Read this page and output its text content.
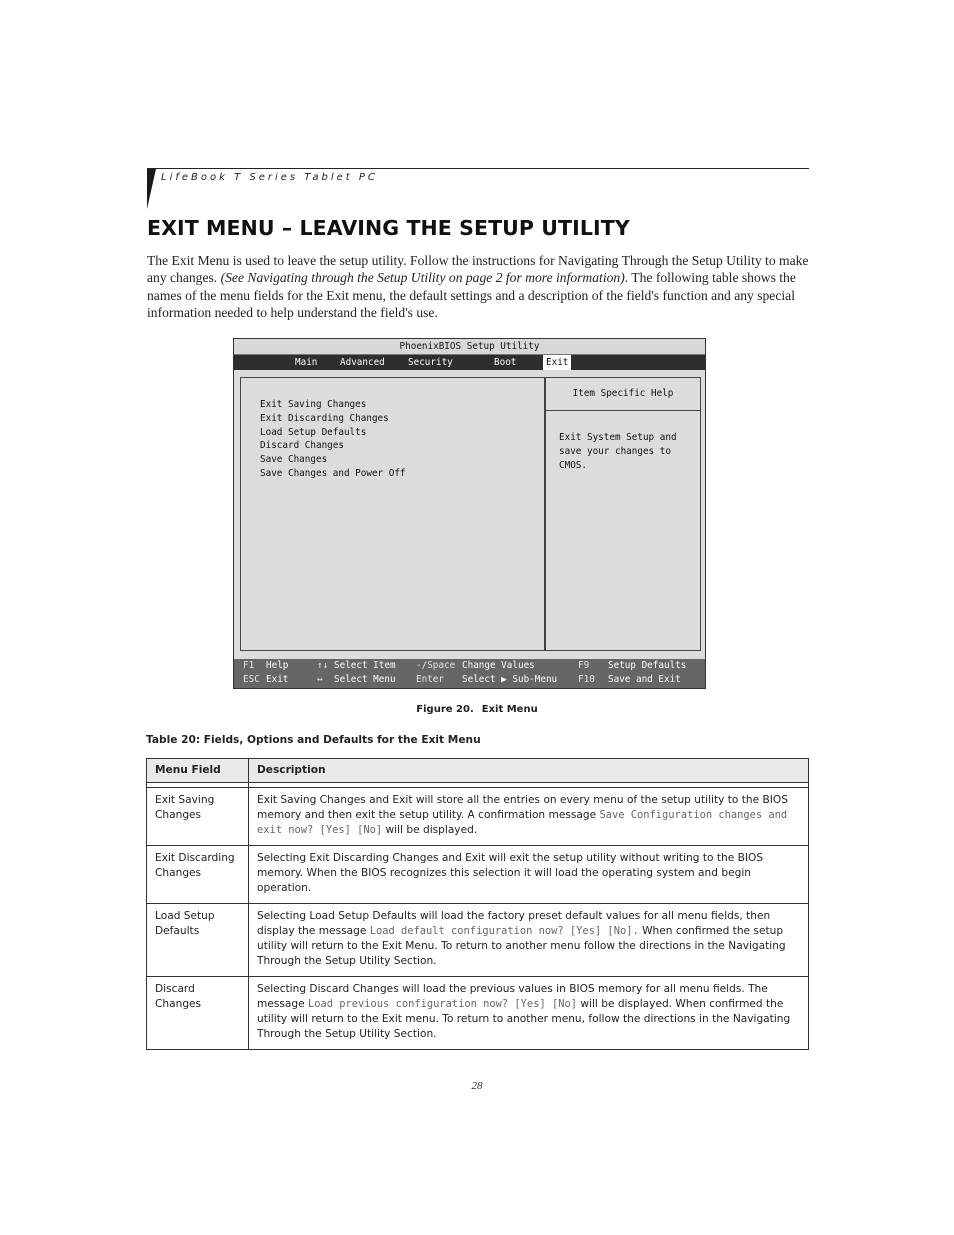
LifeBook T Series Tablet PC
EXIT MENU – LEAVING THE SETUP UTILITY

The Exit Menu is used to leave the setup utility. Follow the instructions for Navigating Through the Setup Utility to make any changes. (See Navigating through the Setup Utility on page 2 for more information). The following table shows the names of the menu fields for the Exit menu, the default settings and a description of the field's function and any special information needed to help understand the field's use.

PhoenixBIOS Setup Utility
Main Advanced Security	Boot	Exit
Exit Saving Changes
Exit Discarding Changes
Load Setup Defaults
Discard Changes
Save Changes
Save Changes and Power Off
Item Specific Help
Exit System Setup and
save your changes to
CMOS.
F1 Help	↑↓ Select Item -/Space Change Values	F9 Setup Defaults
ESC Exit	↔ Select Menu Enter Select ▶ Sub-Menu F10 Save and Exit
Figure 20. Exit Menu
Table 20: Fields, Options and Defaults for the Exit Menu
Menu Field	Description

Exit Saving Changes	Exit Saving Changes and Exit will store all the entries on every menu of the setup utility to the BIOS memory and then exit the setup utility. A confirmation message Save Configuration changes and exit now? [Yes] [No] will be displayed.
Exit Discarding Changes	Selecting Exit Discarding Changes and Exit will exit the setup utility without writing to the BIOS memory. When the BIOS recognizes this selection it will load the operating system and begin operation.
Load Setup Defaults	Selecting Load Setup Defaults will load the factory preset default values for all menu fields, then display the message Load default configuration now? [Yes] [No]. When confirmed the setup utility will return to the Exit Menu. To return to another menu follow the directions in the Navigating Through the Setup Utility Section.
Discard Changes	Selecting Discard Changes will load the previous values in BIOS memory for all menu fields. The message Load previous configuration now? [Yes] [No] will be displayed. When confirmed the utility will return to the Exit menu. To return to another menu, follow the directions in the Navigating Through the Setup Utility Section.
28
